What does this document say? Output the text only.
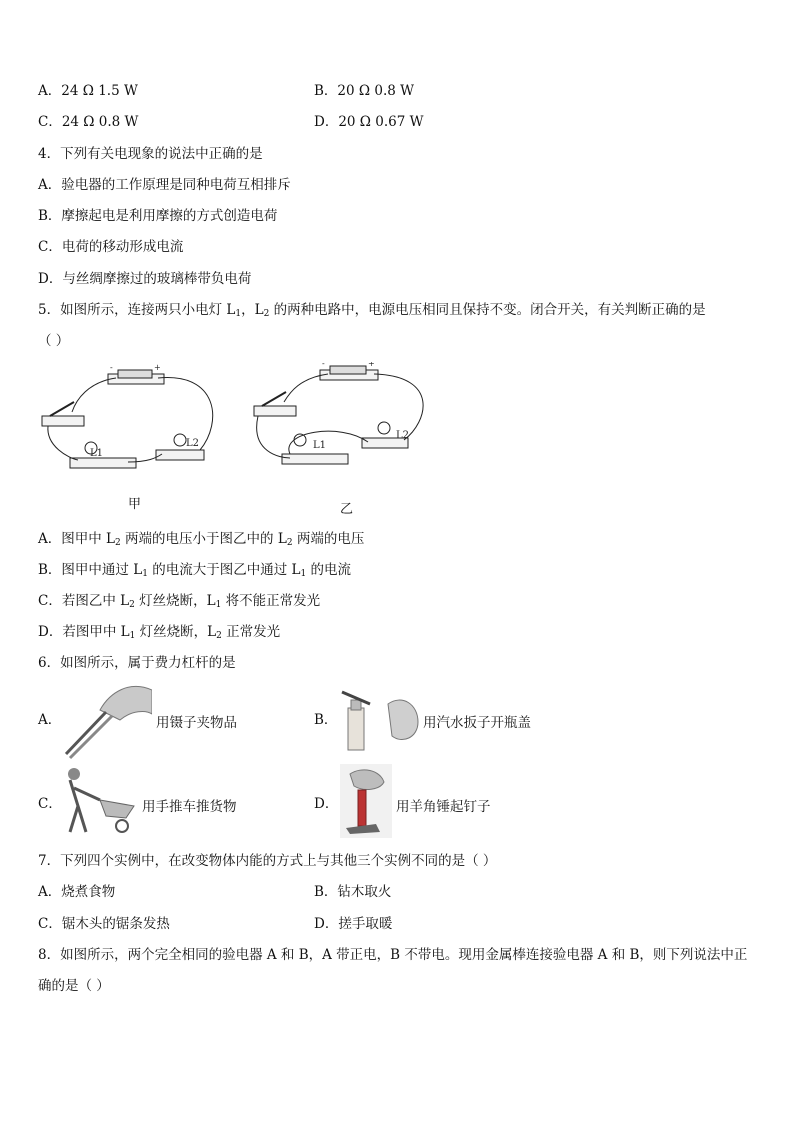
A．24 Ω 1.5 W	B．20 Ω 0.8 W
C．24 Ω 0.8 W	D．20 Ω 0.67 W
4．下列有关电现象的说法中正确的是
A．验电器的工作原理是同种电荷互相排斥
B．摩擦起电是利用摩擦的方式创造电荷
C．电荷的移动形成电流
D．与丝绸摩擦过的玻璃棒带负电荷
5．如图所示，连接两只小电灯 $L_1$，$L_2$ 的两种电路中，电源电压相同且保持不变。闭合开关，有关判断正确的是
（ ）
-	+
L1
L2
-	+
L1
L2
甲	乙
A．图甲中 $L_2$ 两端的电压小于图乙中的 $L_2$ 两端的电压
B．图甲中通过 $L_1$ 的电流大于图乙中通过 $L_1$ 的电流
C．若图乙中 $L_2$ 灯丝烧断，$L_1$ 将不能正常发光
D．若图甲中 $L_1$ 灯丝烧断，$L_2$ 正常发光
6．如图所示，属于费力杠杆的是
A．	用镊子夹物品	B．	用汽水扳子开瓶盖
C．	用手推车推货物	D．	用羊角锤起钉子
7．下列四个实例中，在改变物体内能的方式上与其他三个实例不同的是（ ）
A．烧煮食物	B．钻木取火
C．锯木头的锯条发热	D．搓手取暖
8．如图所示，两个完全相同的验电器 A 和 B，A 带正电，B 不带电。现用金属棒连接验电器 A 和 B，则下列说法中正
确的是（ ）
